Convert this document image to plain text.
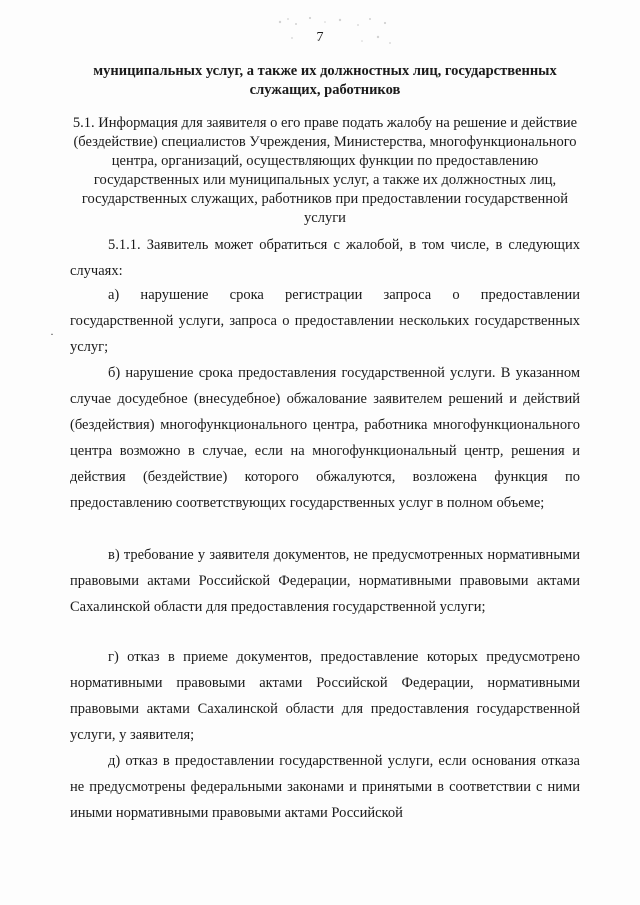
7
муниципальных услуг, а также их должностных лиц, государственных служащих, работников
5.1. Информация для заявителя о его праве подать жалобу на решение и действие (бездействие) специалистов Учреждения, Министерства, многофункционального центра, организаций, осуществляющих функции по предоставлению государственных или муниципальных услуг, а также их должностных лиц, государственных служащих, работников при предоставлении государственной услуги
·

5.1.1. Заявитель может обратиться с жалобой, в том числе, в следующих случаях:

а) нарушение срока регистрации запроса о предоставлении государственной услуги, запроса о предоставлении нескольких государственных услуг;

б) нарушение срока предоставления государственной услуги. В указанном случае досудебное (внесудебное) обжалование заявителем решений и действий (бездействия) многофункционального центра, работника многофункционального центра возможно в случае, если на многофункциональный центр, решения и действия (бездействие) которого обжалуются, возложена функция по предоставлению соответствующих государственных услуг в полном объеме;

в) требование у заявителя документов, не предусмотренных нормативными правовыми актами Российской Федерации, нормативными правовыми актами Сахалинской области для предоставления государственной услуги;

г) отказ в приеме документов, предоставление которых предусмотрено нормативными правовыми актами Российской Федерации, нормативными правовыми актами Сахалинской области для предоставления государственной услуги, у заявителя;

д) отказ в предоставлении государственной услуги, если основания отказа не предусмотрены федеральными законами и принятыми в соответствии с ними иными нормативными правовыми актами Российской
